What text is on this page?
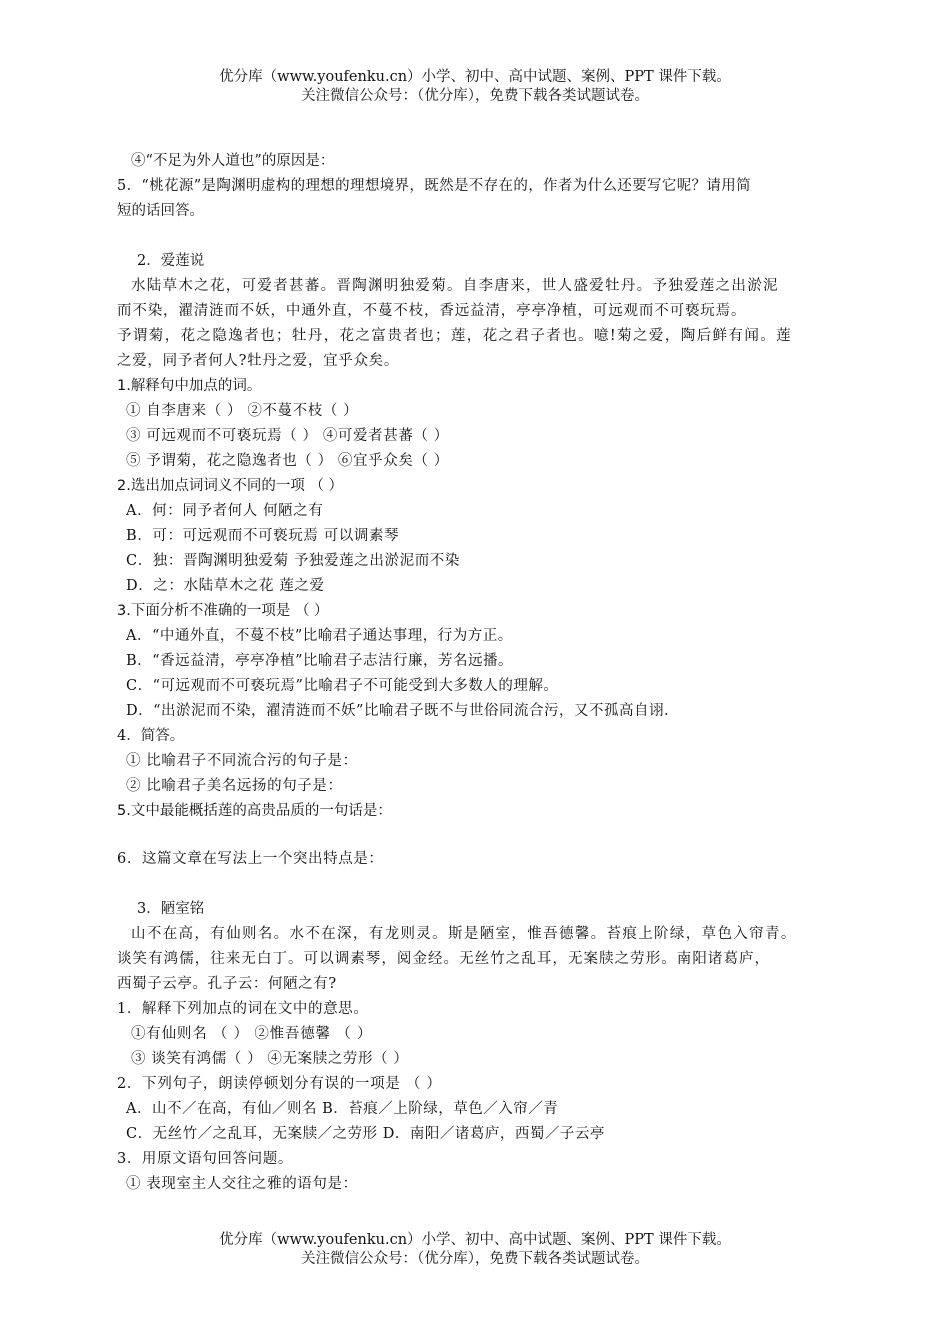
优分库（www.youfenku.cn）小学、初中、高中试题、案例、PPT 课件下载。
关注微信公众号：（优分库），免费下载各类试题试卷。
④“不足为外人道也”的原因是：
5．“桃花源”是陶渊明虚构的理想的理想境界，既然是不存在的，作者为什么还要写它呢？请用简
短的话回答。
2．爱莲说
水陆草木之花，可爱者甚蕃。晋陶渊明独爱菊。自李唐来，世人盛爱牡丹。予独爱莲之出淤泥
而不染，濯清涟而不妖，中通外直，不蔓不枝，香远益清，亭亭净植，可远观而不可亵玩焉。
予谓菊，花之隐逸者也；牡丹，花之富贵者也；莲，花之君子者也。噫!菊之爱，陶后鲜有闻。莲
之爱，同予者何人?牡丹之爱，宜乎众矣。
1.解释句中加点的词。
① 自李唐来（ ） ②不蔓不枝（ ）
③ 可远观而不可亵玩焉（ ） ④可爱者甚蕃（ ）
⑤ 予谓菊，花之隐逸者也（ ） ⑥宜乎众矣（ ）
2.选出加点词词义不同的一项 （ ）
A．何：同予者何人 何陋之有
B．可：可远观而不可亵玩焉 可以调素琴
C．独：晋陶渊明独爱菊 予独爱莲之出淤泥而不染
D．之：水陆草木之花 莲之爱
3.下面分析不准确的一项是 （ ）
A．“中通外直，不蔓不枝”比喻君子通达事理，行为方正。
B．“香远益清，亭亭净植”比喻君子志洁行廉，芳名远播。
C．“可远观而不可亵玩焉”比喻君子不可能受到大多数人的理解。
D．“出淤泥而不染，濯清涟而不妖”比喻君子既不与世俗同流合污，又不孤高自诩.
4．简答。
① 比喻君子不同流合污的句子是：
② 比喻君子美名远扬的句子是：
5.文中最能概括莲的高贵品质的一句话是：
6．这篇文章在写法上一个突出特点是：
3．陋室铭
山不在高，有仙则名。水不在深，有龙则灵。斯是陋室，惟吾德馨。苔痕上阶绿，草色入帘青。
谈笑有鸿儒，往来无白丁。可以调素琴，阅金经。无丝竹之乱耳，无案牍之劳形。南阳诸葛庐，
西蜀子云亭。孔子云：何陋之有?
1．解释下列加点的词在文中的意思。
①有仙则名 （ ） ②惟吾德馨 （ ）
③ 谈笑有鸿儒（ ） ④无案牍之劳形（ ）
2．下列句子，朗读停顿划分有误的一项是 （ ）
A．山不／在高，有仙／则名 B．苔痕／上阶绿，草色／入帘／青
C．无丝竹／之乱耳，无案牍／之劳形 D．南阳／诸葛庐，西蜀／子云亭
3．用原文语句回答问题。
① 表现室主人交往之雅的语句是：
优分库（www.youfenku.cn）小学、初中、高中试题、案例、PPT 课件下载。
关注微信公众号：（优分库），免费下载各类试题试卷。
